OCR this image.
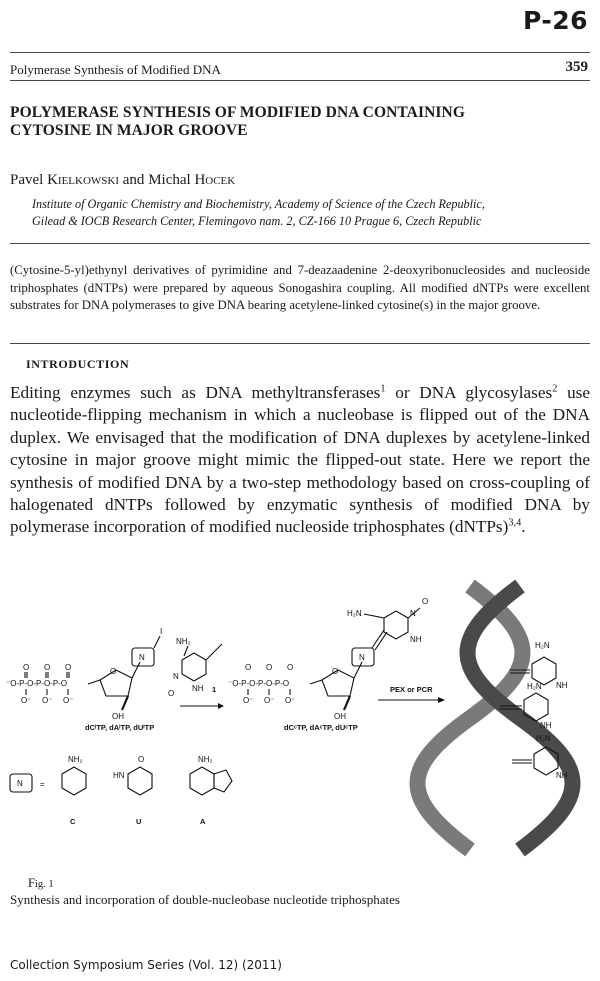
P-26
Polymerase Synthesis of Modified DNA	359
POLYMERASE SYNTHESIS OF MODIFIED DNA CONTAINING
CYTOSINE IN MAJOR GROOVE
Pavel Kielkowski and Michal Hocek
Institute of Organic Chemistry and Biochemistry, Academy of Science of the Czech Republic,
Gilead & IOCB Research Center, Flemingovo nam. 2, CZ-166 10 Prague 6, Czech Republic
(Cytosine-5-yl)ethynyl derivatives of pyrimidine and 7-deazaadenine 2-deoxyribonucleosides and nucleoside triphosphates (dNTPs) were prepared by aqueous Sonogashira coupling. All modified dNTPs were excellent substrates for DNA polymerases to give DNA bearing acetylene-linked cytosine(s) in the major groove.
INTRODUCTION
Editing enzymes such as DNA methyltransferases$^1$ or DNA glycosylases$^2$ use nucleotide-flipping mechanism in which a nucleobase is flipped out of the DNA duplex. We envisaged that the modification of DNA duplexes by acetylene-linked cytosine in major groove might mimic the flipped-out state. Here we report the synthesis of modified DNA by a two-step methodology based on cross-coupling of halogenated dNTPs followed by enzymatic synthesis of modified DNA by polymerase incorporation of modified nucleoside triphosphates (dNTPs)$^{3,4}$.
⁻O-P-O-P-O-P-O
O O O
O⁻ O⁻ O⁻
O
OH
N
I
NH₂
N
NH
O	1
dCᴵTP, dAᴵTP, dUᴵTP
⁻O-P-O-P-O-P-O
O O O
O⁻ O⁻ O⁻
O
OH
N
H₂N	N
NH
O
dCᶜTP, dAᶜTP, dUᶜTP
PEX or PCR
N =
NH₂
C
HN
O
U
NH₂
A
H₂N
NH
H₂N
NH
H₂N
NH
Fig. 1
Synthesis and incorporation of double-nucleobase nucleotide triphosphates
Collection Symposium Series (Vol. 12) (2011)
